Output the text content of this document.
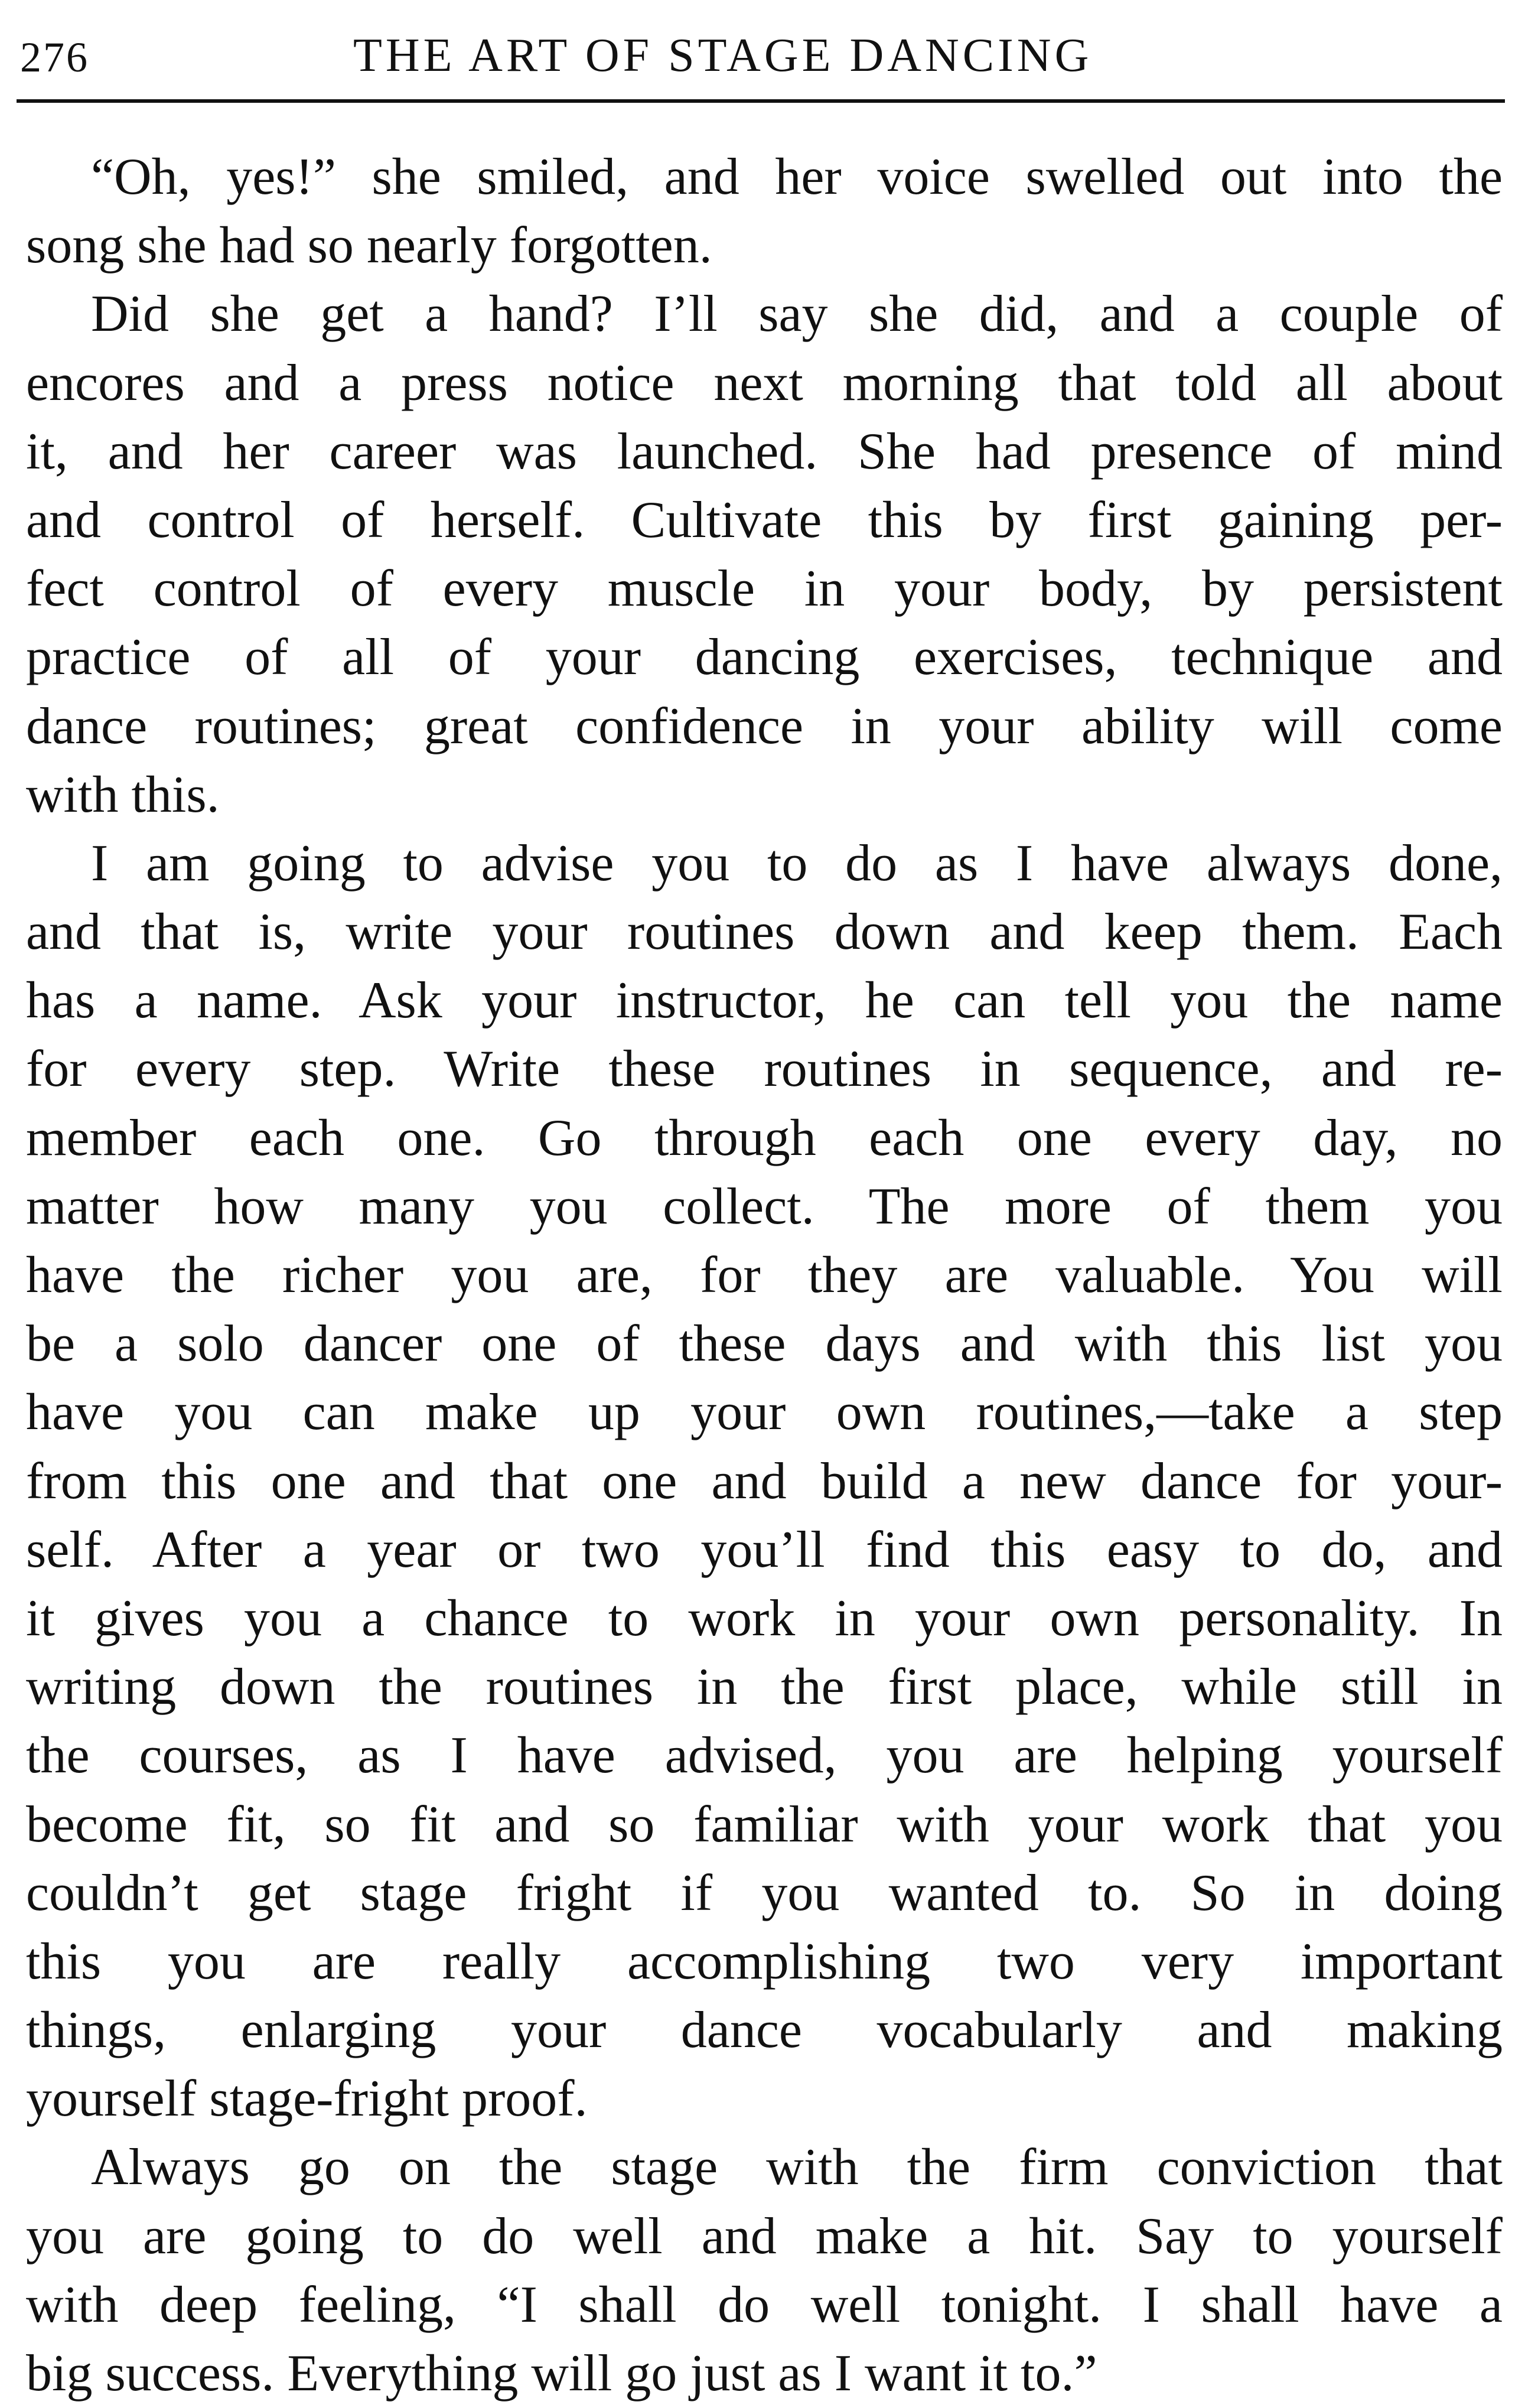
276	THE ART OF STAGE DANCING
“Oh, yes!” she smiled, and her voice swelled out into the
song she had so nearly forgotten.
Did she get a hand? I’ll say she did, and a couple of
encores and a press notice next morning that told all about
it, and her career was launched. She had presence of mind
and control of herself. Cultivate this by first gaining per-
fect control of every muscle in your body, by persistent
practice of all of your dancing exercises, technique and
dance routines; great confidence in your ability will come
with this.
I am going to advise you to do as I have always done,
and that is, write your routines down and keep them. Each
has a name. Ask your instructor, he can tell you the name
for every step. Write these routines in sequence, and re-
member each one. Go through each one every day, no
matter how many you collect. The more of them you
have the richer you are, for they are valuable. You will
be a solo dancer one of these days and with this list you
have you can make up your own routines,—take a step
from this one and that one and build a new dance for your-
self. After a year or two you’ll find this easy to do, and
it gives you a chance to work in your own personality. In
writing down the routines in the first place, while still in
the courses, as I have advised, you are helping yourself
become fit, so fit and so familiar with your work that you
couldn’t get stage fright if you wanted to. So in doing
this you are really accomplishing two very important
things, enlarging your dance vocabularly and making
yourself stage-fright proof.
Always go on the stage with the firm conviction that
you are going to do well and make a hit. Say to yourself
with deep feeling, “I shall do well tonight. I shall have a
big success. Everything will go just as I want it to.”
